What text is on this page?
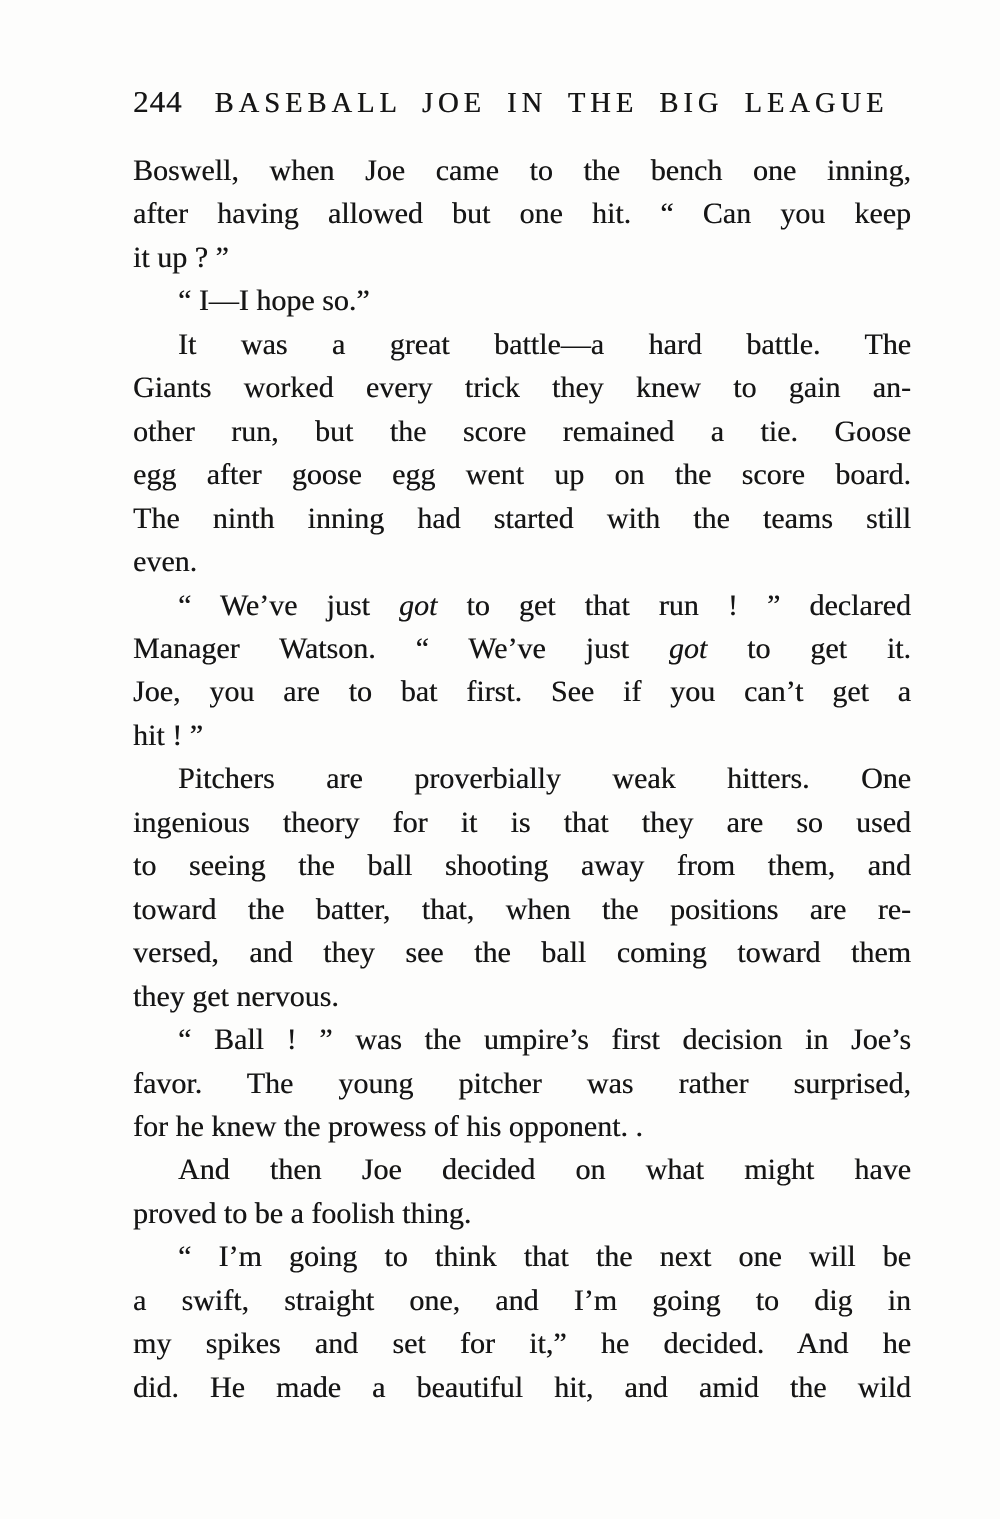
244 BASEBALL JOE IN THE BIG LEAGUE
Boswell, when Joe came to the bench one inning,
after having allowed but one hit. “ Can you keep
it up ? ”
“ I—I hope so.”
It was a great battle—a hard battle. The
Giants worked every trick they knew to gain an-
other run, but the score remained a tie. Goose
egg after goose egg went up on the score board.
The ninth inning had started with the teams still
even.
“ We’ve just got to get that run ! ” declared
Manager Watson. “ We’ve just got to get it.
Joe, you are to bat first. See if you can’t get a
hit ! ”
Pitchers are proverbially weak hitters. One
ingenious theory for it is that they are so used
to seeing the ball shooting away from them, and
toward the batter, that, when the positions are re-
versed, and they see the ball coming toward them
they get nervous.
“ Ball ! ” was the umpire’s first decision in Joe’s
favor. The young pitcher was rather surprised,
for he knew the prowess of his opponent. .
And then Joe decided on what might have
proved to be a foolish thing.
“ I’m going to think that the next one will be
a swift, straight one, and I’m going to dig in
my spikes and set for it,” he decided. And he
did. He made a beautiful hit, and amid the wild
